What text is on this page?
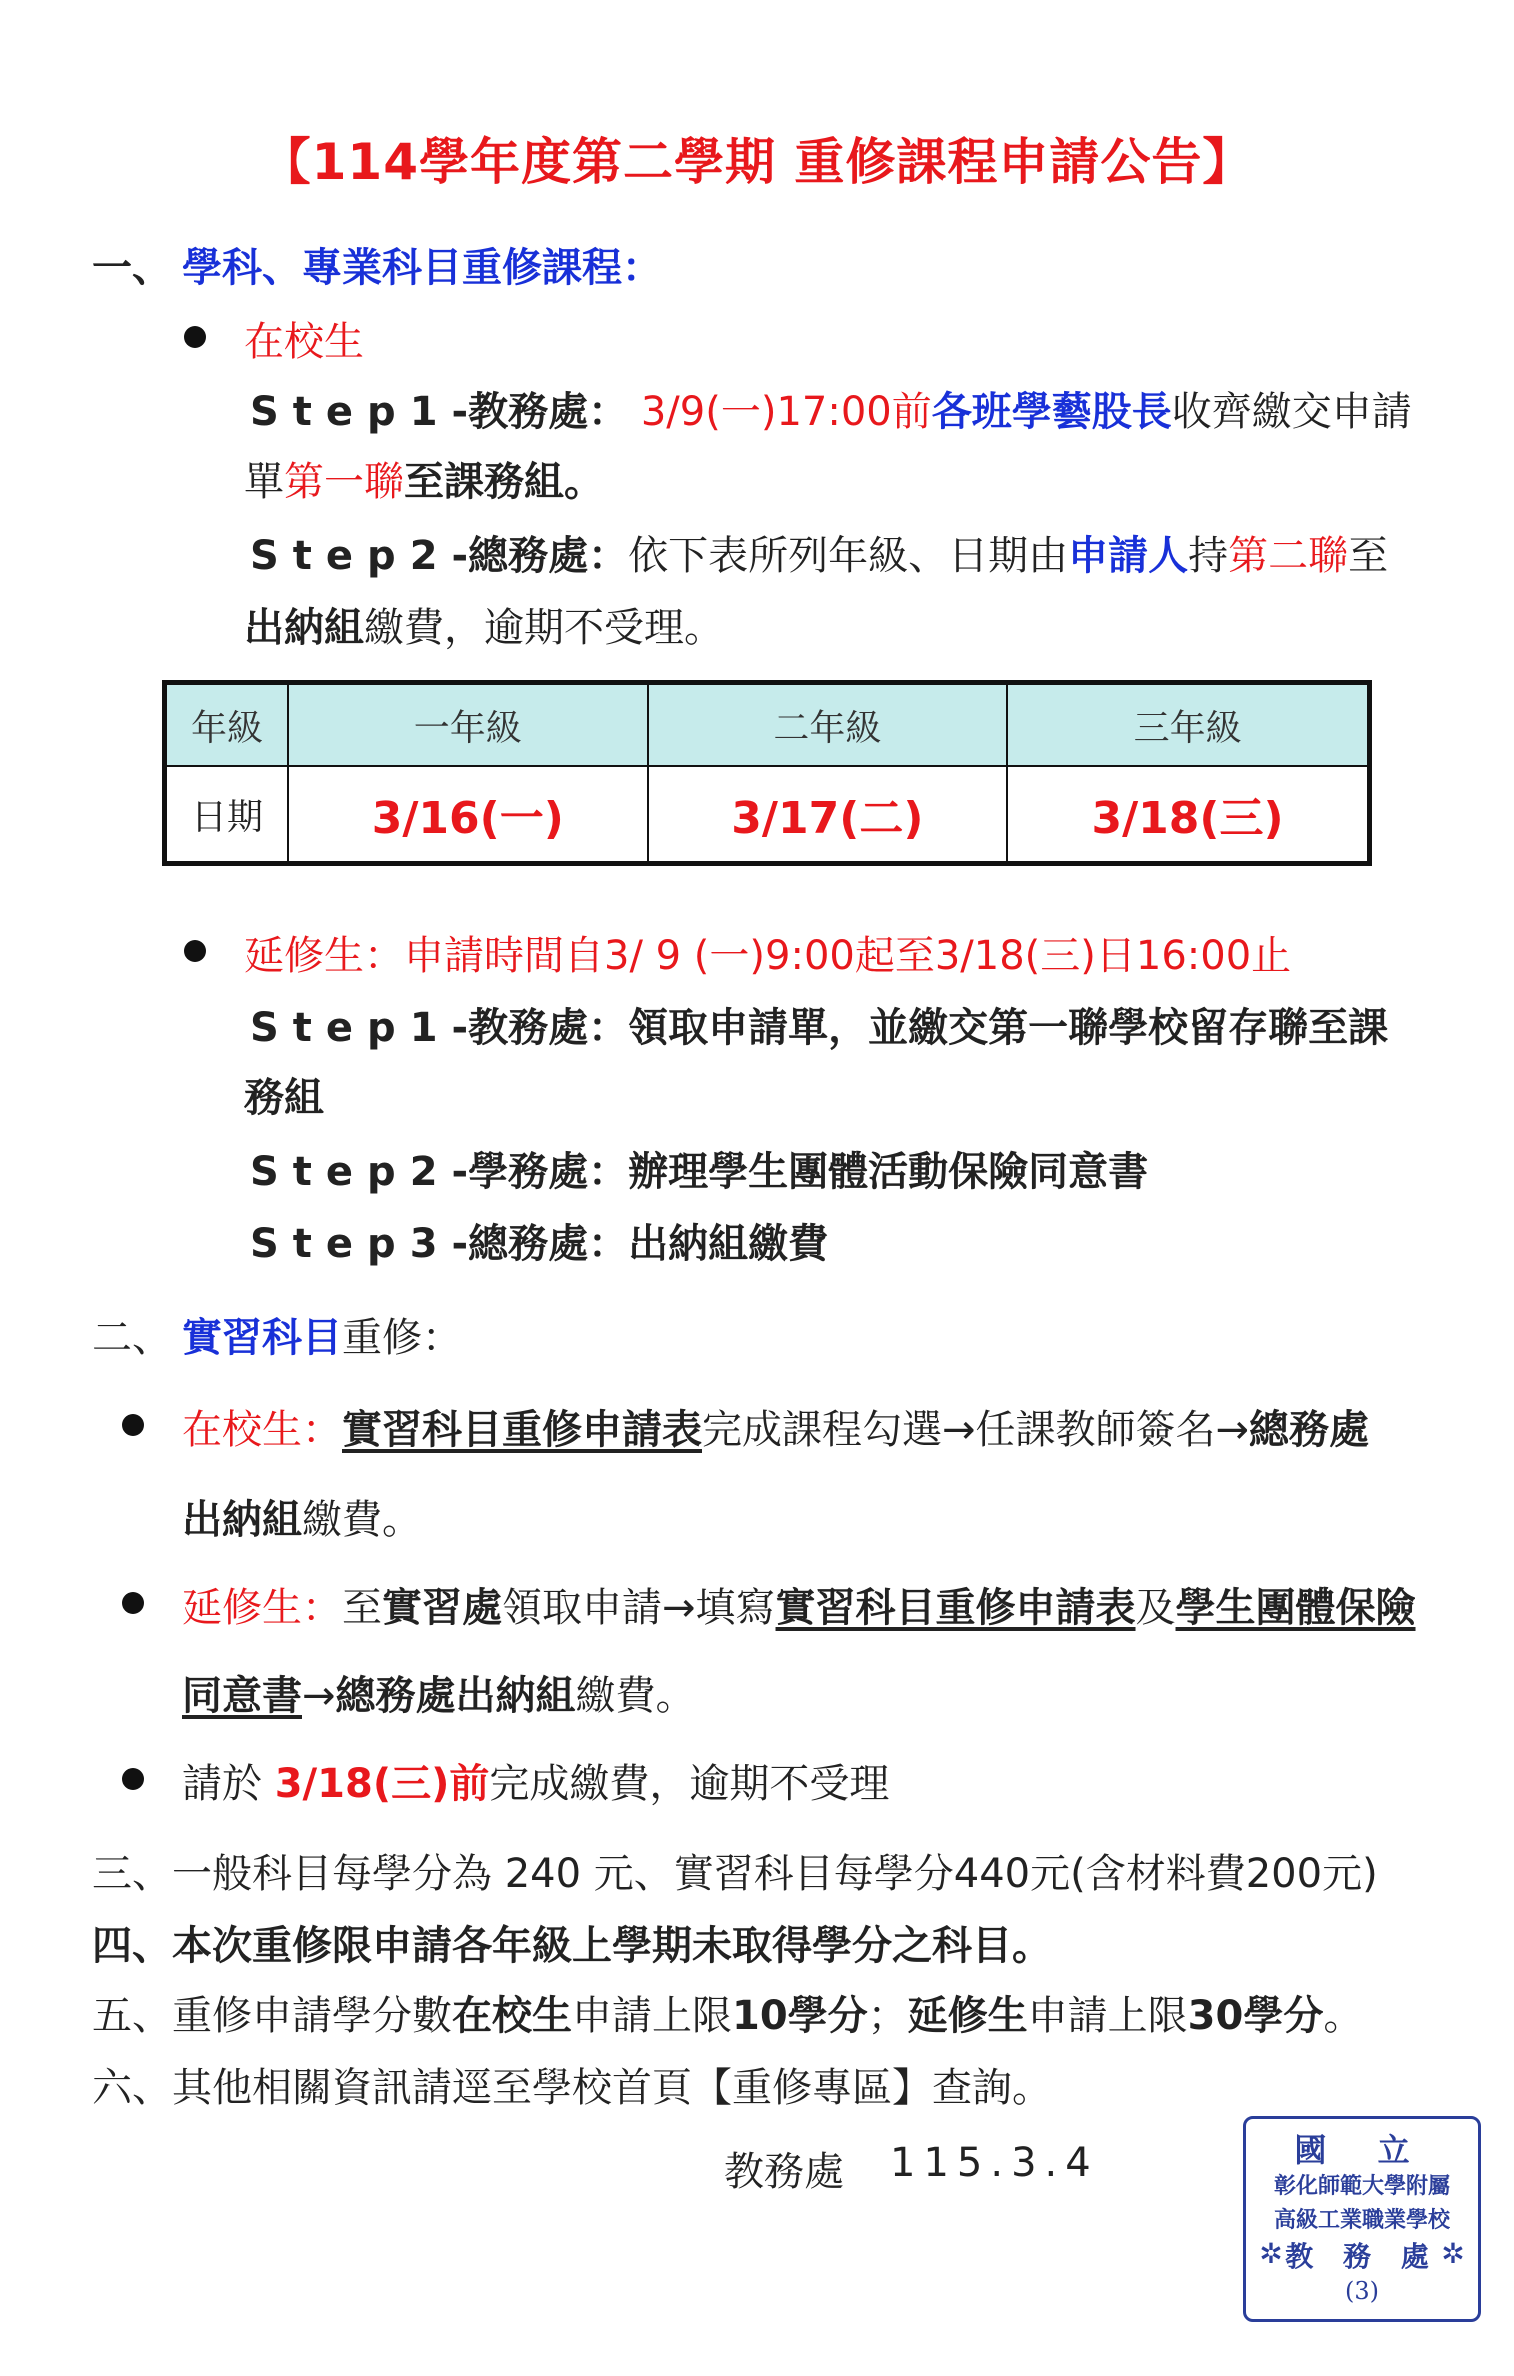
【114學年度第二學期 重修課程申請公告】
一、 學科、專業科目重修課程：
在校生
Step1-教務處： 3/9(一)17:00前各班學藝股長收齊繳交申請
單第一聯至課務組。
Step2-總務處：依下表所列年級、日期由申請人持第二聯至
出納組繳費，逾期不受理。
年級	一年級	二年級	三年級
日期	3/16(一)	3/17(二)	3/18(三)
延修生：申請時間自3/ 9 (一)9:00起至3/18(三)日16:00止
Step1-教務處：領取申請單，並繳交第一聯學校留存聯至課
務組
Step2-學務處：辦理學生團體活動保險同意書
Step3-總務處：出納組繳費
二、 實習科目重修：
在校生：實習科目重修申請表完成課程勾選→任課教師簽名→總務處
出納組繳費。
延修生：至實習處領取申請→填寫實習科目重修申請表及學生團體保險
同意書→總務處出納組繳費。
請於 3/18(三)前完成繳費，逾期不受理
三、一般科目每學分為 240 元、實習科目每學分440元(含材料費200元)
四、本次重修限申請各年級上學期未取得學分之科目。
五、重修申請學分數在校生申請上限10學分；延修生申請上限30學分。
六、其他相關資訊請逕至學校首頁【重修專區】查詢。
教務處 115.3.4	國 立
彰化師範大學附屬
高級工業職業學校
教 務 處
(3)
✲	✲
